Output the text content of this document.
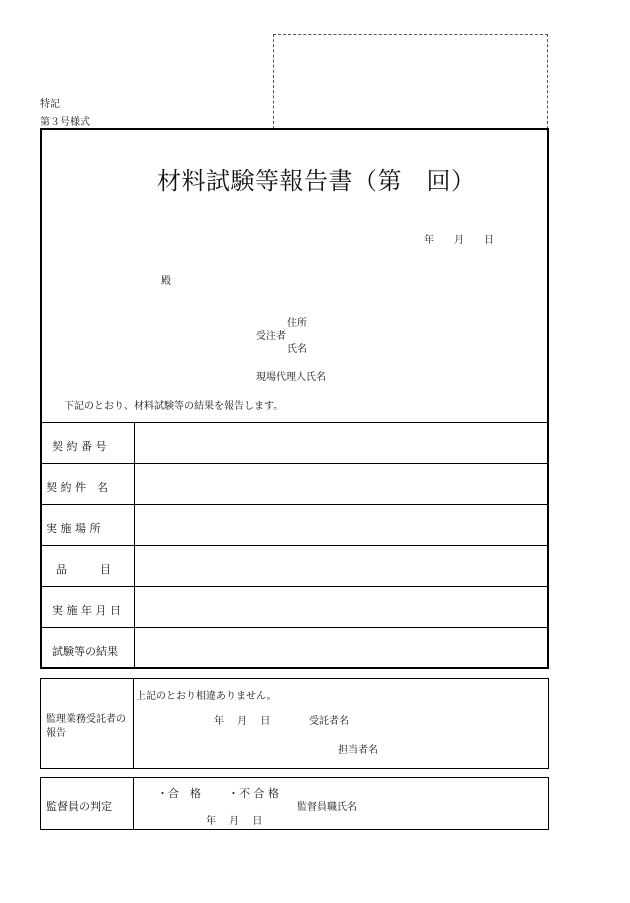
特記
第３号様式
材料試験等報告書（第　回）
年　　月　　日
殿
住所
受注者
氏名
現場代理人氏名
下記のとおり、材料試験等の結果を報告します。
契 約 番 号
契 約 件　名
実 施 場 所
品　　　目
実 施 年 月 日
試験等の結果
監理業務受託者の報告
上記のとおり相違ありません。
年　 月　 日	受託者名
担当者名
監督員の判定
・合　格 ・不 合 格
監督員職氏名
年　 月　 日
